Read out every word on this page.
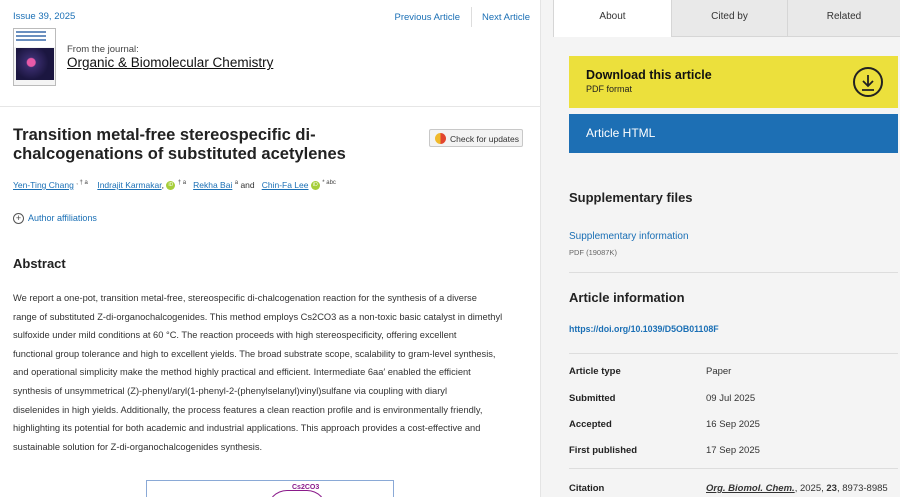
Issue 39, 2025	Previous Article Next Article
From the journal:
Organic & Biomolecular Chemistry
Transition metal-free stereospecific di-chalcogenations of substituted acetylenes
Check for updates
Yen-Ting Chang $^{, \dagger a}$ Indrajit Karmakar, iD $^{\dagger a}$ Rekha Bai $^a$ and Chin-Fa Lee iD $^{* abc}$
+ Author affiliations
Abstract

We report a one-pot, transition metal-free, stereospecific di-chalcogenation reaction for the synthesis of a diverse

range of substituted Z-di-organochalcogenides. This method employs Cs2CO3 as a non-toxic basic catalyst in dimethyl

sulfoxide under mild conditions at 60 °C. The reaction proceeds with high stereospecificity, offering excellent

functional group tolerance and high to excellent yields. The broad substrate scope, scalability to gram-level synthesis,

and operational simplicity make the method highly practical and efficient. Intermediate 6aa′ enabled the efficient

synthesis of unsymmetrical (Z)-phenyl/aryl(1-phenyl-2-(phenylselanyl)vinyl)sulfane via coupling with diaryl

diselenides in high yields. Additionally, the process features a clean reaction profile and is environmentally friendly,

highlighting its potential for both academic and industrial applications. This approach provides a cost-effective and

sustainable solution for Z-di-organochalcogenides synthesis.

Cs2CO3
About	Cited by	Related
Download this article
PDF format
Article HTML
Supplementary files
Supplementary information
PDF (19087K)
Article information
https://doi.org/10.1039/D5OB01108F
Article type	Paper
Submitted	09 Jul 2025
Accepted	16 Sep 2025
First published	17 Sep 2025
Citation	Org. Biomol. Chem., 2025, 23, 8973-8985
